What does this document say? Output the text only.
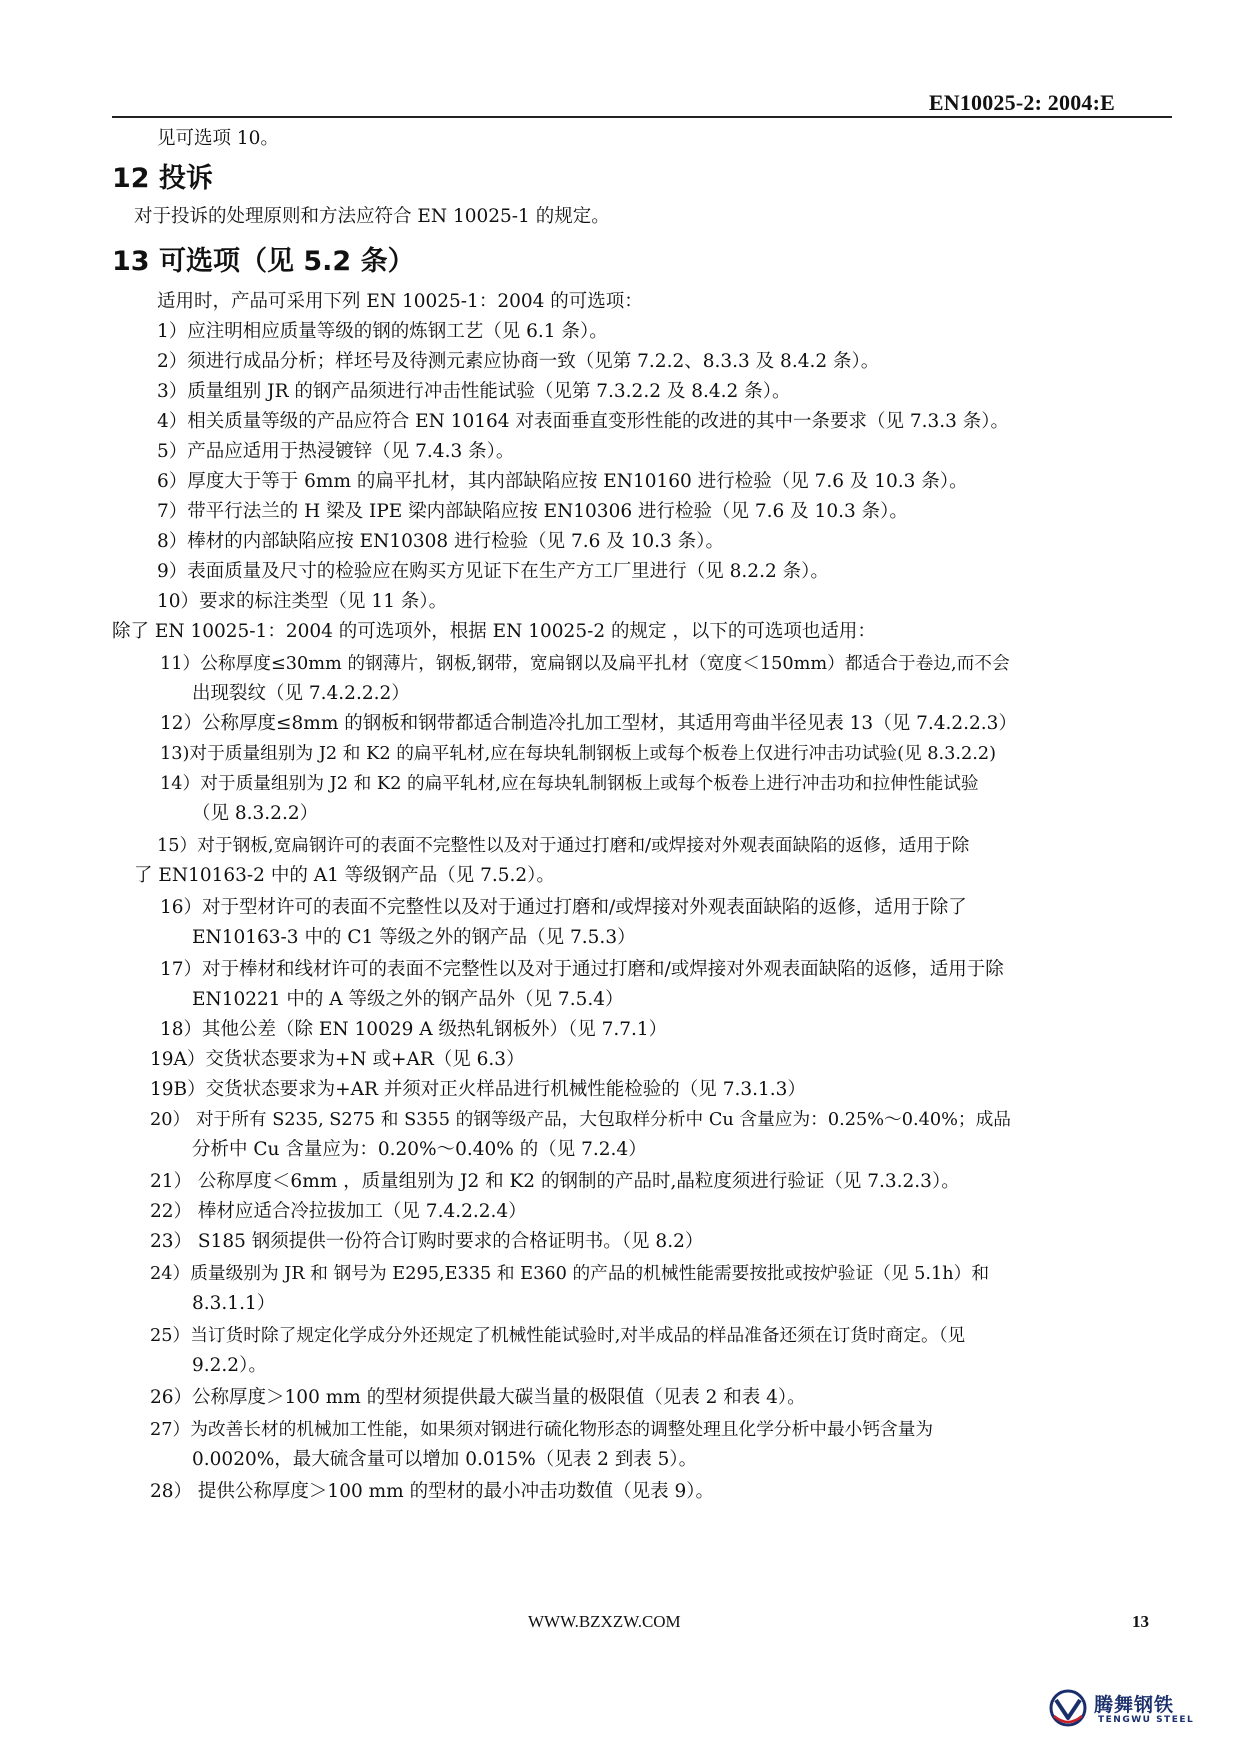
EN10025-2: 2004:E
见可选项 10。
12 投诉
对于投诉的处理原则和方法应符合 EN 10025-1 的规定。
13 可选项（见 5.2 条）
适用时，产品可采用下列 EN 10025-1：2004 的可选项：
1）应注明相应质量等级的钢的炼钢工艺（见 6.1 条）。
2）须进行成品分析；样坯号及待测元素应协商一致（见第 7.2.2、8.3.3 及 8.4.2 条）。
3）质量组别 JR 的钢产品须进行冲击性能试验（见第 7.3.2.2 及 8.4.2 条）。
4）相关质量等级的产品应符合 EN 10164 对表面垂直变形性能的改进的其中一条要求（见 7.3.3 条）。
5）产品应适用于热浸镀锌（见 7.4.3 条）。
6）厚度大于等于 6mm 的扁平扎材，其内部缺陷应按 EN10160 进行检验（见 7.6 及 10.3 条）。
7）带平行法兰的 H 梁及 IPE 梁内部缺陷应按 EN10306 进行检验（见 7.6 及 10.3 条）。
8）棒材的内部缺陷应按 EN10308 进行检验（见 7.6 及 10.3 条）。
9）表面质量及尺寸的检验应在购买方见证下在生产方工厂里进行（见 8.2.2 条）。
10）要求的标注类型（见 11 条）。
除了 EN 10025-1：2004 的可选项外，根据 EN 10025-2 的规定 ，以下的可选项也适用：
11）公称厚度≤30mm 的钢薄片，钢板,钢带，宽扁钢以及扁平扎材（宽度＜150mm）都适合于卷边,而不会
出现裂纹（见 7.4.2.2.2）
12）公称厚度≤8mm 的钢板和钢带都适合制造冷扎加工型材，其适用弯曲半径见表 13（见 7.4.2.2.3）
13)对于质量组别为 J2 和 K2 的扁平轧材,应在每块轧制钢板上或每个板卷上仅进行冲击功试验(见 8.3.2.2)
14）对于质量组别为 J2 和 K2 的扁平轧材,应在每块轧制钢板上或每个板卷上进行冲击功和拉伸性能试验
（见 8.3.2.2）
15）对于钢板,宽扁钢许可的表面不完整性以及对于通过打磨和/或焊接对外观表面缺陷的返修，适用于除
了 EN10163-2 中的 A1 等级钢产品（见 7.5.2）。
16）对于型材许可的表面不完整性以及对于通过打磨和/或焊接对外观表面缺陷的返修，适用于除了
EN10163-3 中的 C1 等级之外的钢产品（见 7.5.3）
17）对于棒材和线材许可的表面不完整性以及对于通过打磨和/或焊接对外观表面缺陷的返修，适用于除
EN10221 中的 A 等级之外的钢产品外（见 7.5.4）
18）其他公差（除 EN 10029 A 级热轧钢板外）（见 7.7.1）
19A）交货状态要求为+N 或+AR（见 6.3）
19B）交货状态要求为+AR 并须对正火样品进行机械性能检验的（见 7.3.1.3）
20） 对于所有 S235, S275 和 S355 的钢等级产品，大包取样分析中 Cu 含量应为：0.25%～0.40%；成品
分析中 Cu 含量应为：0.20%～0.40% 的（见 7.2.4）
21） 公称厚度＜6mm ，质量组别为 J2 和 K2 的钢制的产品时,晶粒度须进行验证（见 7.3.2.3）。
22） 棒材应适合冷拉拔加工（见 7.4.2.2.4）
23） S185 钢须提供一份符合订购时要求的合格证明书。（见 8.2）
24）质量级别为 JR 和 钢号为 E295,E335 和 E360 的产品的机械性能需要按批或按炉验证（见 5.1h）和
8.3.1.1）
25）当订货时除了规定化学成分外还规定了机械性能试验时,对半成品的样品准备还须在订货时商定。（见
9.2.2）。
26）公称厚度＞100 mm 的型材须提供最大碳当量的极限值（见表 2 和表 4）。
27）为改善长材的机械加工性能，如果须对钢进行硫化物形态的调整处理且化学分析中最小钙含量为
0.0020%，最大硫含量可以增加 0.015%（见表 2 到表 5）。
28） 提供公称厚度＞100 mm 的型材的最小冲击功数值（见表 9）。
WWW.BZXZW.COM	13
腾舞钢铁
TENGWU STEEL
